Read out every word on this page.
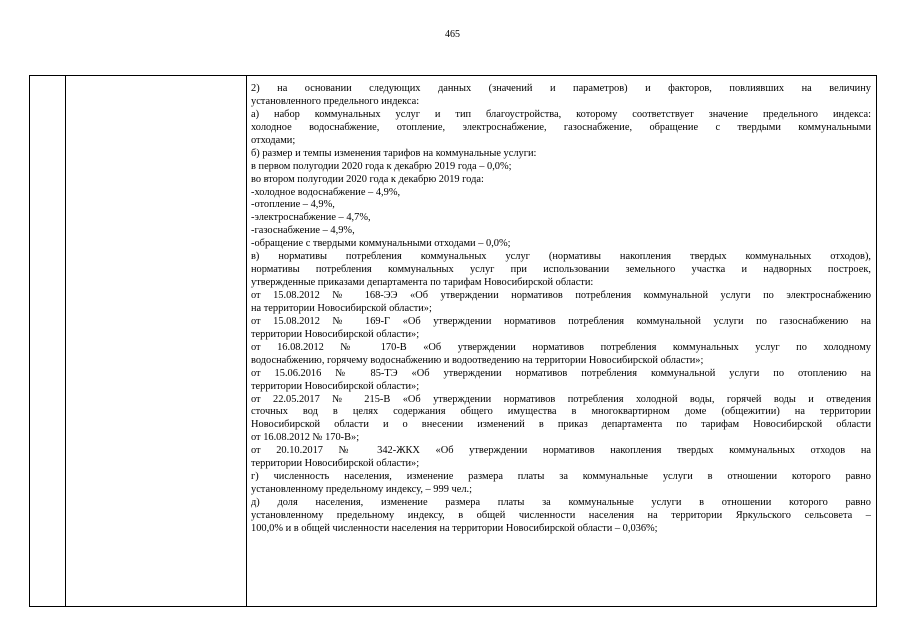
465
2) на основании следующих данных (значений и параметров) и факторов, повлиявших на величину
установленного предельного индекса:
а) набор коммунальных услуг и тип благоустройства, которому соответствует значение предельного индекса:
холодное водоснабжение, отопление, электроснабжение, газоснабжение, обращение с твердыми коммунальными
отходами;
б) размер и темпы изменения тарифов на коммунальные услуги:
в первом полугодии 2020 года к декабрю 2019 года – 0,0%;
во втором полугодии 2020 года к декабрю 2019 года:
-холодное водоснабжение – 4,9%,
-отопление – 4,9%,
-электроснабжение – 4,7%,
-газоснабжение – 4,9%,
-обращение с твердыми коммунальными отходами – 0,0%;
в) нормативы потребления коммунальных услуг (нормативы накопления твердых коммунальных отходов),
нормативы потребления коммунальных услуг при использовании земельного участка и надворных построек,
утвержденные приказами департамента по тарифам Новосибирской области:
от 15.08.2012 № 168-ЭЭ «Об утверждении нормативов потребления коммунальной услуги по электроснабжению
на территории Новосибирской области»;
от 15.08.2012 № 169-Г «Об утверждении нормативов потребления коммунальной услуги по газоснабжению на
территории Новосибирской области»;
от 16.08.2012 № 170-В «Об утверждении нормативов потребления коммунальных услуг по холодному
водоснабжению, горячему водоснабжению и водоотведению на территории Новосибирской области»;
от 15.06.2016 № 85-ТЭ «Об утверждении нормативов потребления коммунальной услуги по отоплению на
территории Новосибирской области»;
от 22.05.2017 № 215-В «Об утверждении нормативов потребления холодной воды, горячей воды и отведения
сточных вод в целях содержания общего имущества в многоквартирном доме (общежитии) на территории
Новосибирской области и о внесении изменений в приказ департамента по тарифам Новосибирской области
от 16.08.2012 № 170-В»;
от 20.10.2017 № 342-ЖКХ «Об утверждении нормативов накопления твердых коммунальных отходов на
территории Новосибирской области»;
г) численность населения, изменение размера платы за коммунальные услуги в отношении которого равно
установленному предельному индексу, – 999 чел.;
д) доля населения, изменение размера платы за коммунальные услуги в отношении которого равно
установленному предельному индексу, в общей численности населения на территории Яркульского сельсовета –
100,0% и в общей численности населения на территории Новосибирской области – 0,036%;
